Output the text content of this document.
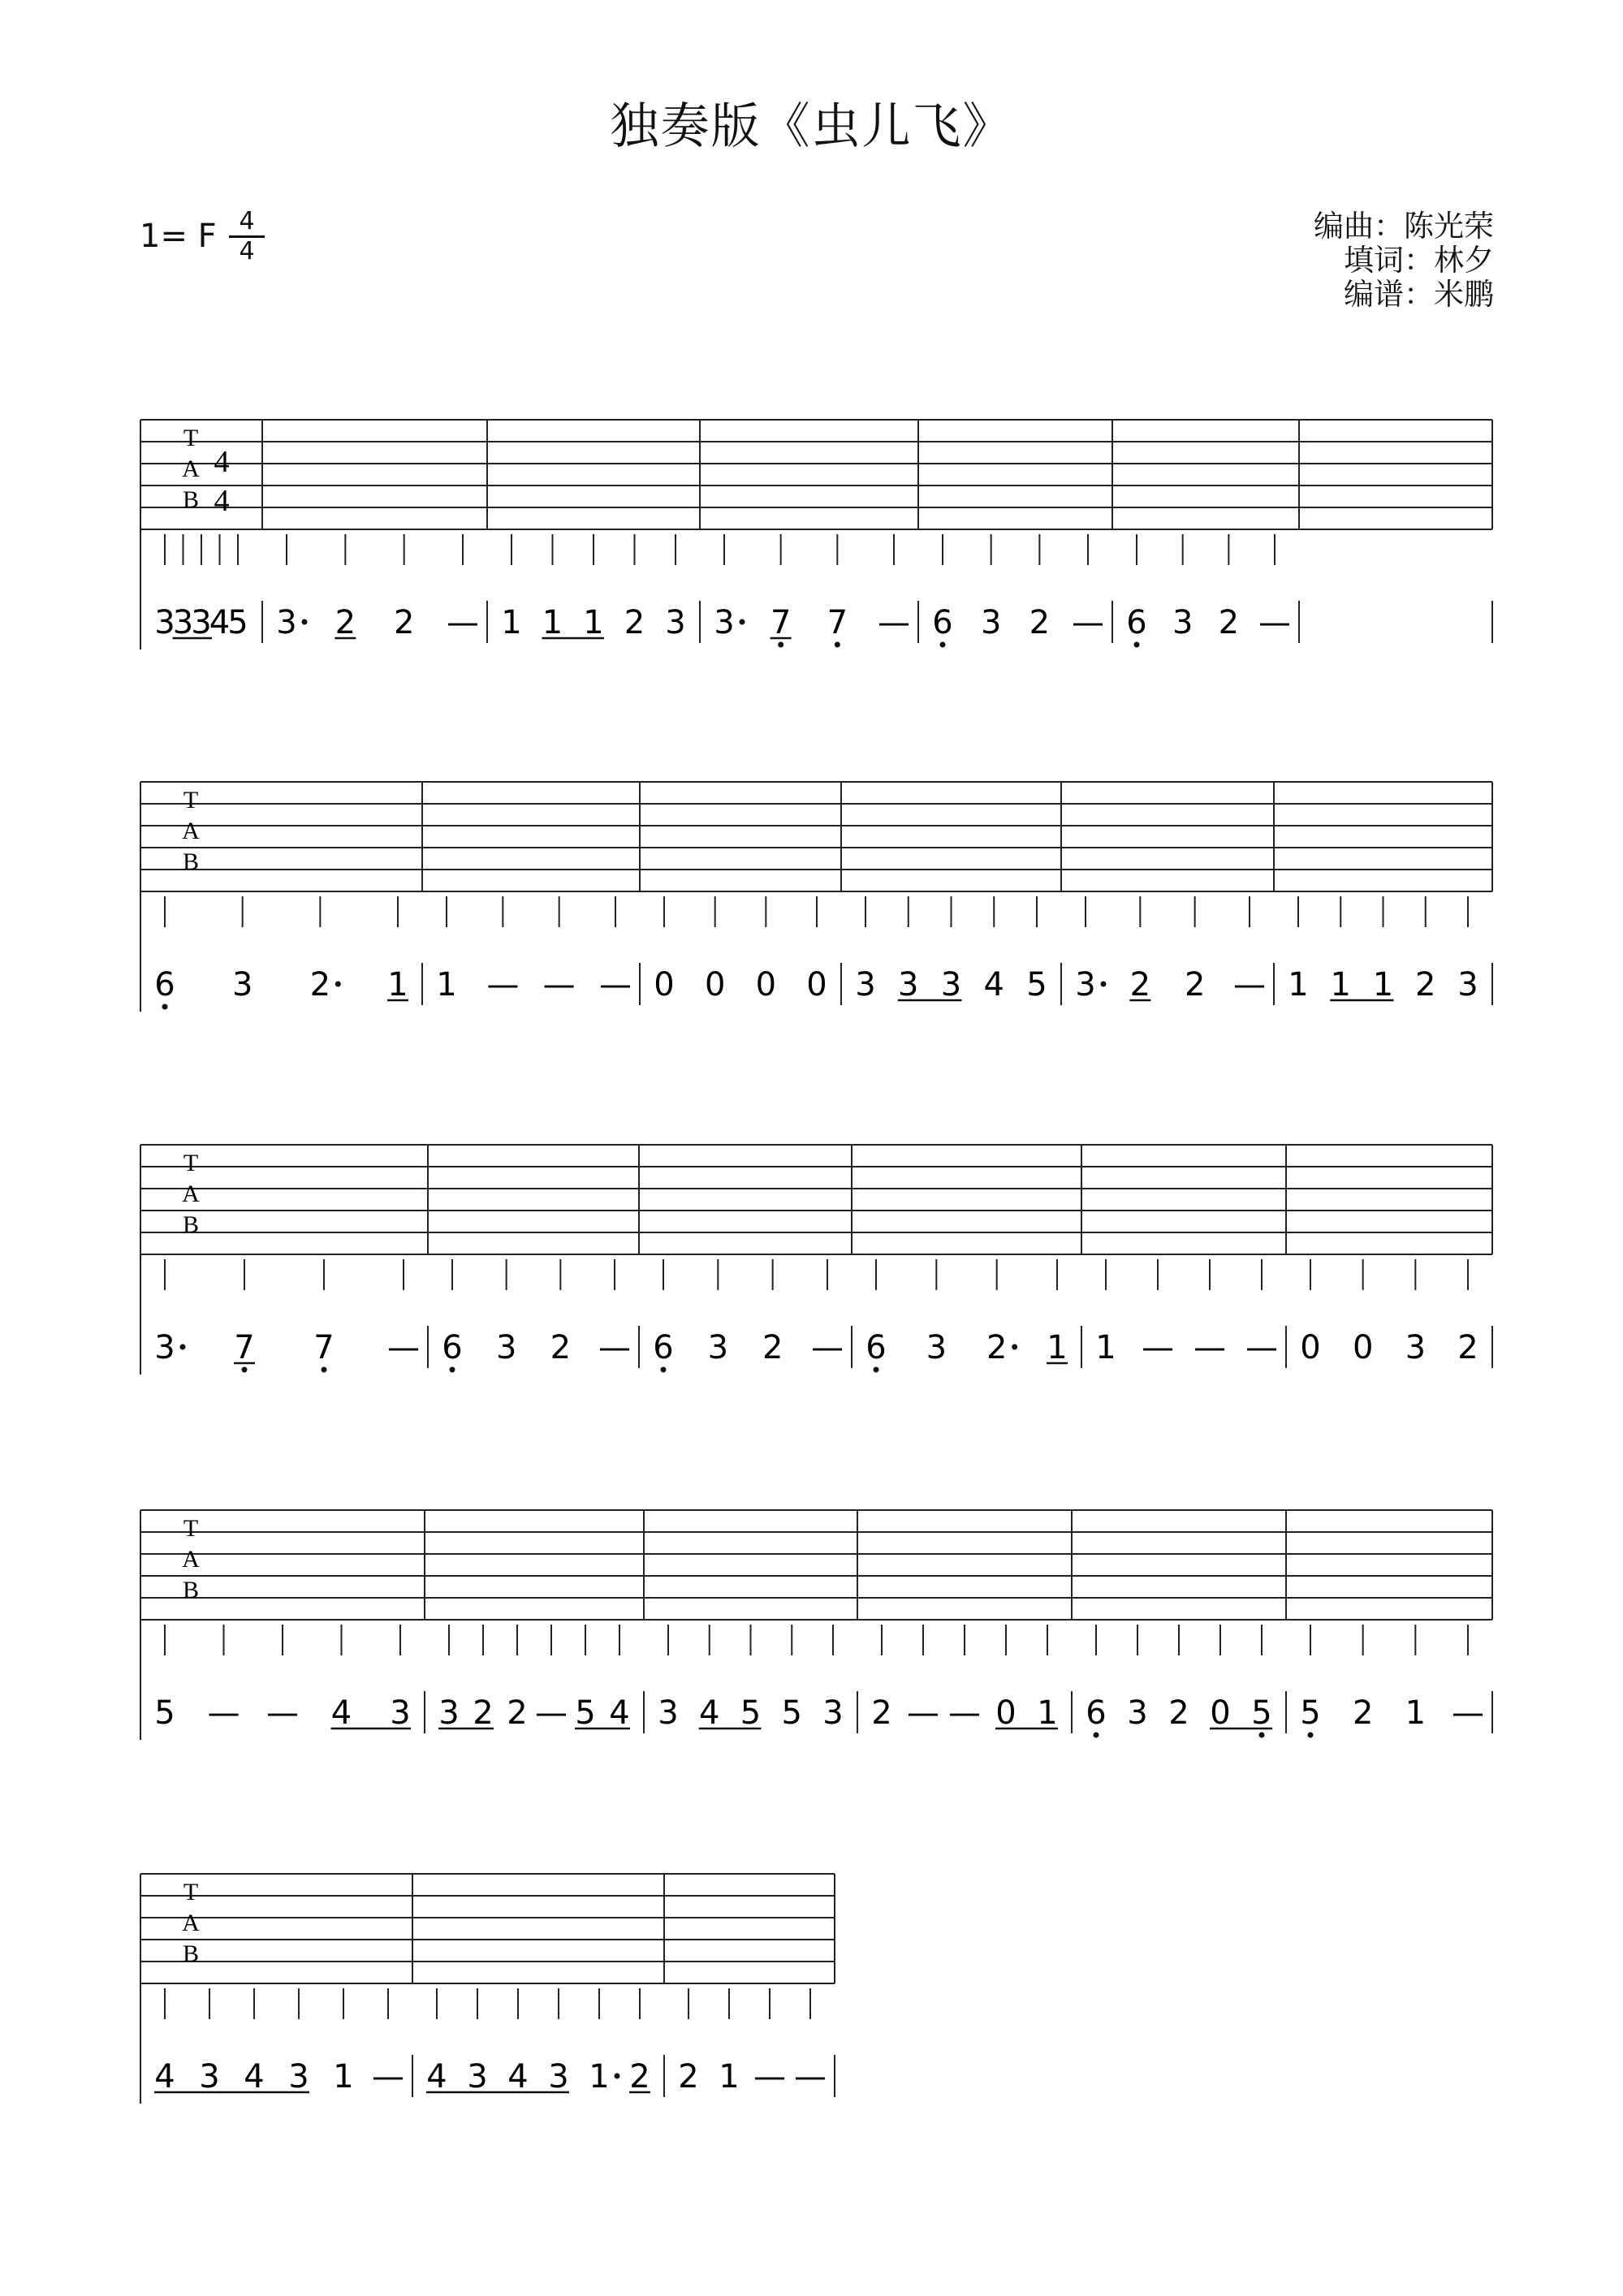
独奏版《虫儿飞》
1= F 4
4
编曲：陈光荣
填词：林夕
编谱：米鹏
T
A
B
4
4
3
3
3
4
5 3 2 2 — 1 1 1 2 3 3 7 7 — 6 3 2 — 6 3 2 —
T
A
B
6 3 2 1 1 — — — 0 0 0 0 3 3 3 4 5 3 2 2 — 1 1 1 2 3
T
A
B
3 7 7 — 6 3 2 — 6 3 2 — 6 3 2 1 1 — — — 0 0 3 2
T
A
B
5 — — 4 3 3 2 2 — 5 4 3 4 5 5 3 2 — — 0 1 6 3 2 0 5 5 2 1 —
T
A
B
4 3 4 3 1 — 4 3 4 3 1 2 2 1 — —
